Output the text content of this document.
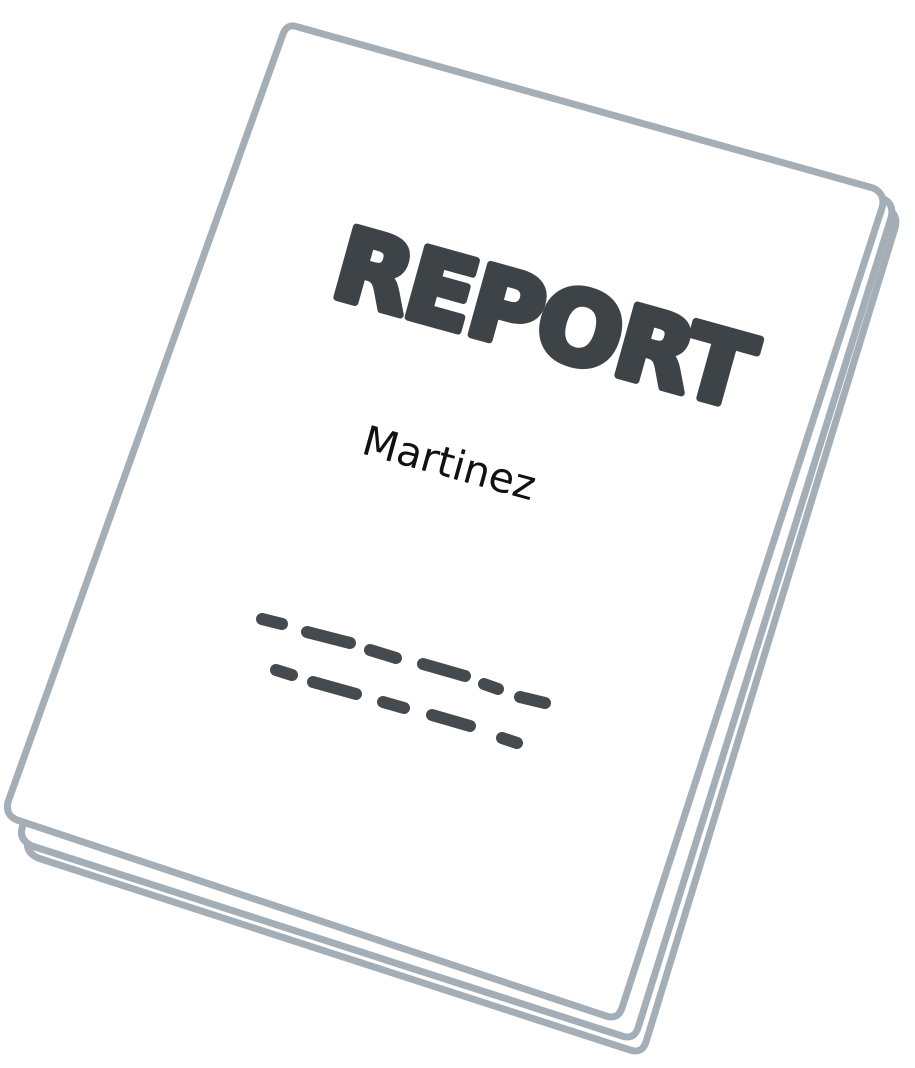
REPORT
Martinez
